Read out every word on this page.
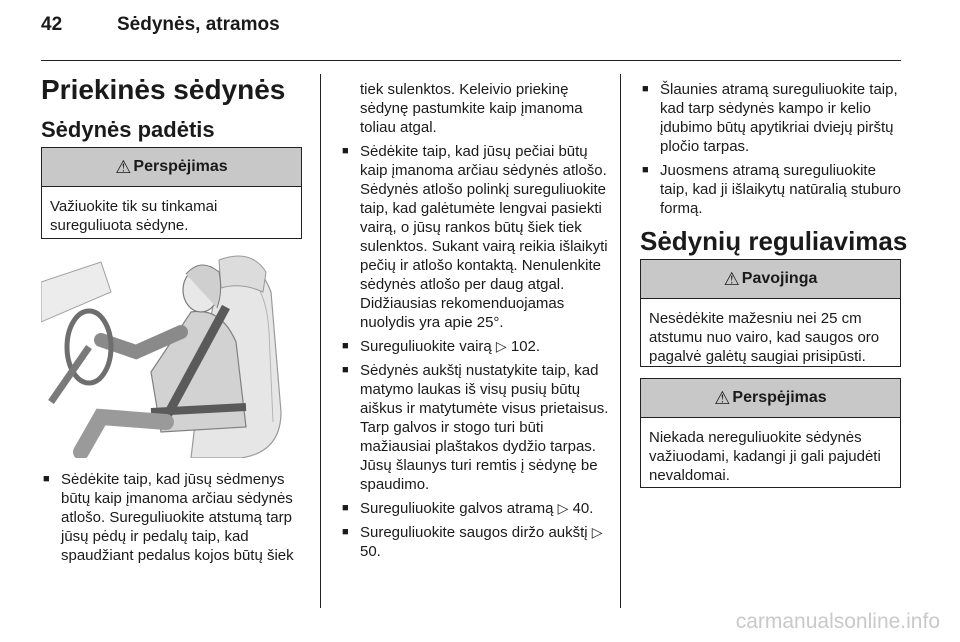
42	Sėdynės, atramos
Priekinės sėdynės
Sėdynės padėtis
⚠ Perspėjimas
Važiuokite tik su tinkamai sureguliuota sėdyne.
■ Sėdėkite taip, kad jūsų sėdmenys būtų kaip įmanoma arčiau sėdynės atlošo. Sureguliuokite atstumą tarp jūsų pėdų ir pedalų taip, kad spaudžiant pedalus kojos būtų šiek
tiek sulenktos. Keleivio priekinę sėdynę pastumkite kaip įmanoma toliau atgal.
■ Sėdėkite taip, kad jūsų pečiai būtų kaip įmanoma arčiau sėdynės atlošo. Sėdynės atlošo polinkį sureguliuokite taip, kad galėtumėte lengvai pasiekti vairą, o jūsų rankos būtų šiek tiek sulenktos. Sukant vairą reikia išlaikyti pečių ir atlošo kontaktą. Nenulenkite sėdynės atlošo per daug atgal. Didžiausias rekomenduojamas nuolydis yra apie 25°.
■ Sureguliuokite vairą ▷ 102.
■ Sėdynės aukštį nustatykite taip, kad matymo laukas iš visų pusių būtų aiškus ir matytumėte visus prietaisus. Tarp galvos ir stogo turi būti mažiausiai plaštakos dydžio tarpas. Jūsų šlaunys turi remtis į sėdynę be spaudimo.
■ Sureguliuokite galvos atramą ▷ 40.
■ Sureguliuokite saugos diržo aukštį ▷ 50.
■ Šlaunies atramą sureguliuokite taip, kad tarp sėdynės kampo ir kelio įdubimo būtų apytikriai dviejų pirštų pločio tarpas.
■ Juosmens atramą sureguliuokite taip, kad ji išlaikytų natūralią stuburo formą.
Sėdynių reguliavimas
⚠ Pavojinga
Nesėdėkite mažesniu nei 25 cm atstumu nuo vairo, kad saugos oro pagalvė galėtų saugiai prisipūsti.
⚠ Perspėjimas
Niekada nereguliuokite sėdynės važiuodami, kadangi ji gali pajudėti nevaldomai.
carmanualsonline.info
